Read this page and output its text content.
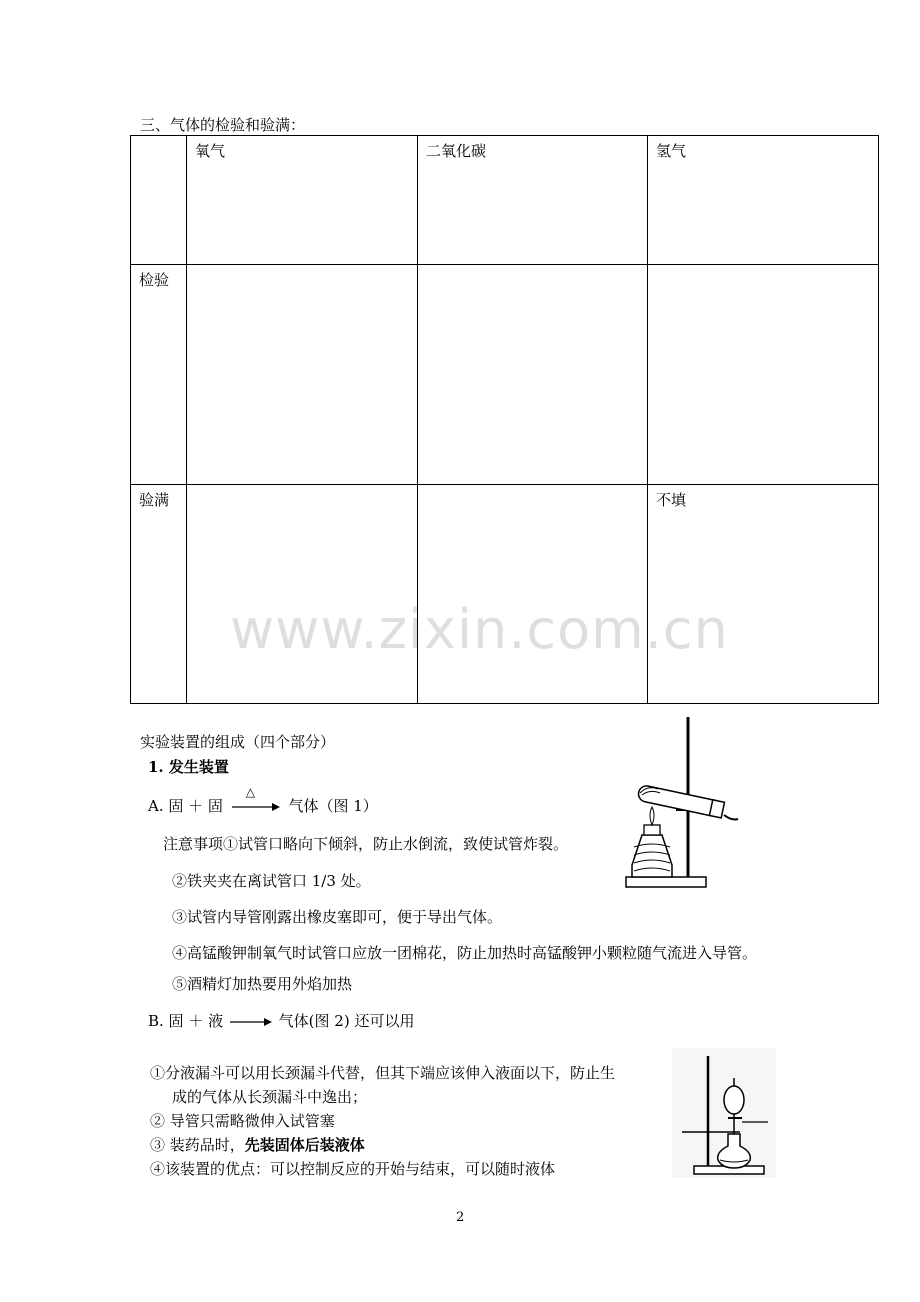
三、气体的检验和验满：
	氧气	二氧化碳	氢气
检验			
验满			不填
www.zixin.com.cn
实验装置的组成（四个部分）
1. 发生装置
A. 固 ＋ 固
△
气体（图 1）
注意事项①试管口略向下倾斜，防止水倒流，致使试管炸裂。
②铁夹夹在离试管口 1/3 处。
③试管内导管刚露出橡皮塞即可，便于导出气体。
④高锰酸钾制氧气时试管口应放一团棉花，防止加热时高锰酸钾小颗粒随气流进入导管。
⑤酒精灯加热要用外焰加热
B. 固 ＋ 液	气体(图 2) 还可以用
①分液漏斗可以用长颈漏斗代替，但其下端应该伸入液面以下，防止生
成的气体从长颈漏斗中逸出；
② 导管只需略微伸入试管塞
③ 装药品时，先装固体后装液体
④该装置的优点：可以控制反应的开始与结束，可以随时液体
2
